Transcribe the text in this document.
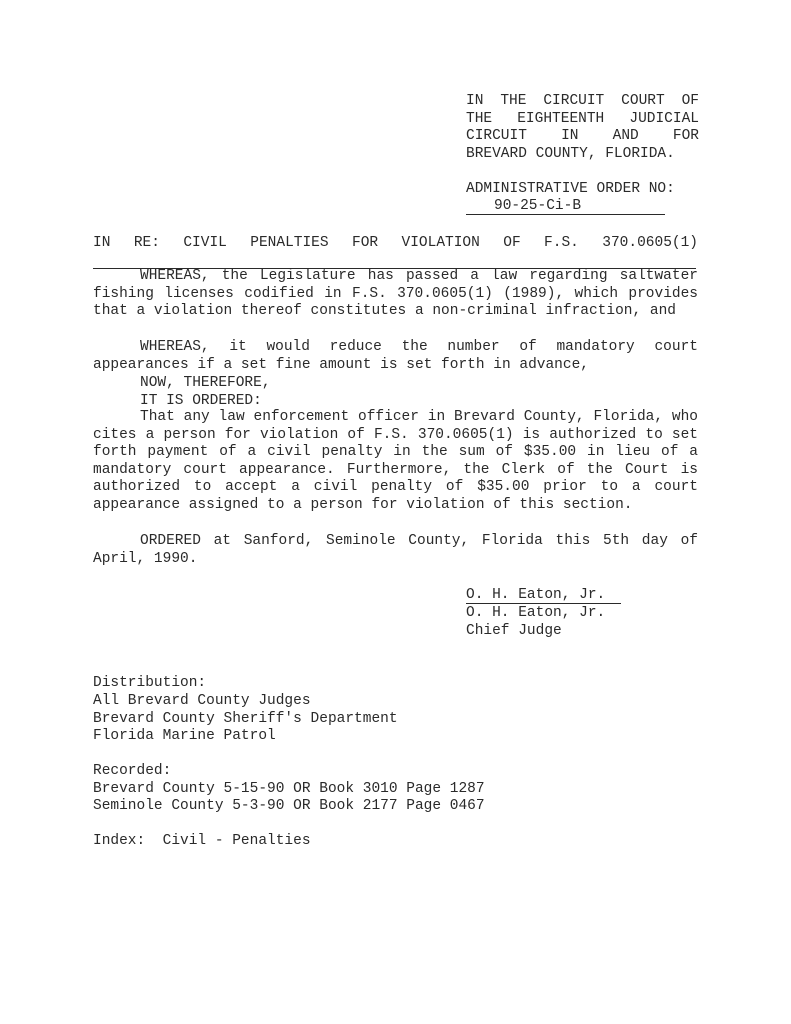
IN THE CIRCUIT COURT OF
THE EIGHTEENTH JUDICIAL
CIRCUIT IN AND FOR
BREVARD COUNTY, FLORIDA.
ADMINISTRATIVE ORDER NO:
90-25-Ci-B
IN RE: CIVIL PENALTIES FOR VIOLATION OF F.S. 370.0605(1)
WHEREAS, the Legislature has passed a law regarding saltwater fishing licenses codified in F.S. 370.0605(1) (1989), which provides that a violation thereof constitutes a non-criminal infraction, and
WHEREAS, it would reduce the number of mandatory court appearances if a set fine amount is set forth in advance,
NOW, THEREFORE,
IT IS ORDERED:
That any law enforcement officer in Brevard County, Florida, who cites a person for violation of F.S. 370.0605(1) is authorized to set forth payment of a civil penalty in the sum of $35.00 in lieu of a mandatory court appearance. Furthermore, the Clerk of the Court is authorized to accept a civil penalty of $35.00 prior to a court appearance assigned to a person for violation of this section.
ORDERED at Sanford, Seminole County, Florida this 5th day of April, 1990.
O. H. Eaton, Jr.
O. H. Eaton, Jr.
Chief Judge
Distribution:
All Brevard County Judges
Brevard County Sheriff's Department
Florida Marine Patrol
Recorded:
Brevard County 5-15-90 OR Book 3010 Page 1287
Seminole County 5-3-90 OR Book 2177 Page 0467
Index:  Civil - Penalties
